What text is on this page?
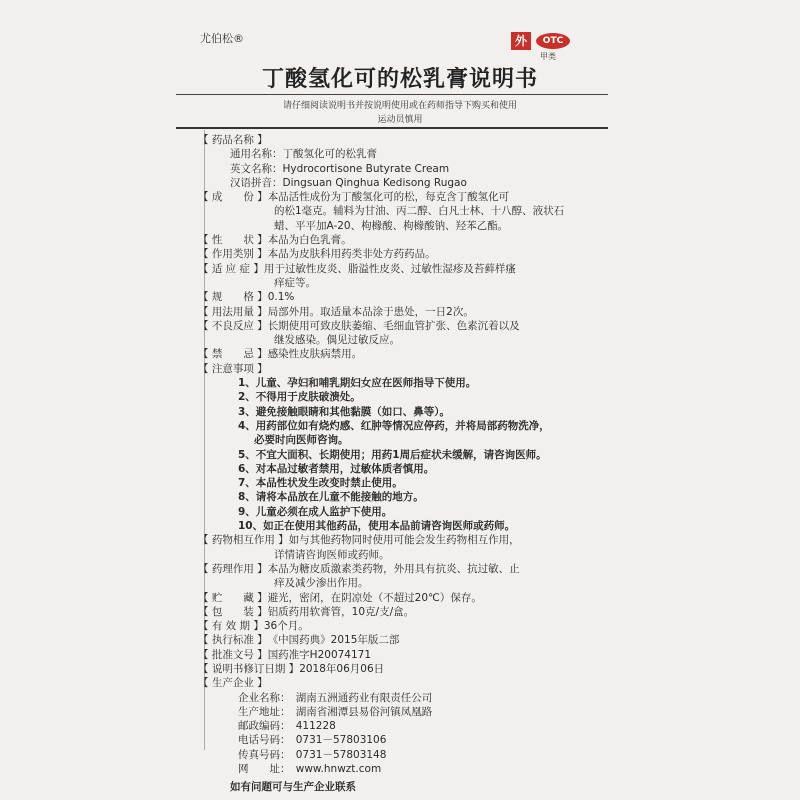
尤伯松®	外	OTC
甲类
丁酸氢化可的松乳膏说明书
请仔细阅读说明书并按说明使用或在药师指导下购买和使用
运动员慎用
【 药品名称 】
通用名称：丁酸氢化可的松乳膏
英文名称：Hydrocortisone Butyrate Cream
汉语拼音：Dingsuan Qinghua Kedisong Rugao
【 成　　份 】本品活性成份为丁酸氢化可的松，每克含丁酸氢化可
的松1毫克。辅料为甘油、丙二醇、白凡士林、十八醇、液状石
蜡、平平加A-20、枸橼酸、枸橼酸钠、羟苯乙酯。
【 性　　状 】本品为白色乳膏。
【 作用类别 】本品为皮肤科用药类非处方药药品。
【 适 应 症 】用于过敏性皮炎、脂溢性皮炎、过敏性湿疹及苔藓样瘙
痒症等。
【 规　　格 】0.1%
【 用法用量 】局部外用。取适量本品涂于患处，一日2次。
【 不良反应 】长期使用可致皮肤萎缩、毛细血管扩张、色素沉着以及
继发感染。偶见过敏反应。
【 禁　　忌 】感染性皮肤病禁用。
【 注意事项 】
1、儿童、孕妇和哺乳期妇女应在医师指导下使用。
2、不得用于皮肤破溃处。
3、避免接触眼睛和其他黏膜（如口、鼻等）。
4、用药部位如有烧灼感、红肿等情况应停药，并将局部药物洗净，
必要时向医师咨询。
5、不宜大面积、长期使用；用药1周后症状未缓解，请咨询医师。
6、对本品过敏者禁用，过敏体质者慎用。
7、本品性状发生改变时禁止使用。
8、请将本品放在儿童不能接触的地方。
9、儿童必须在成人监护下使用。
10、如正在使用其他药品，使用本品前请咨询医师或药师。
【 药物相互作用 】如与其他药物同时使用可能会发生药物相互作用，
详情请咨询医师或药师。
【 药理作用 】本品为糖皮质激素类药物，外用具有抗炎、抗过敏、止
痒及减少渗出作用。
【 贮　　藏 】避光，密闭，在阴凉处（不超过20℃）保存。
【 包　　装 】铝质药用软膏管，10克/支/盒。
【 有 效 期 】36个月。
【 执行标准 】《中国药典》2015年版二部
【 批准文号 】国药准字H20074171
【 说明书修订日期 】2018年06月06日
【 生产企业 】
企业名称：　湖南五洲通药业有限责任公司
生产地址：　湖南省湘潭县易俗河镇凤凰路
邮政编码：　411228
电话号码：　0731－57803106
传真号码：　0731－57803148
网　　址：　www.hnwzt.com
如有问题可与生产企业联系
